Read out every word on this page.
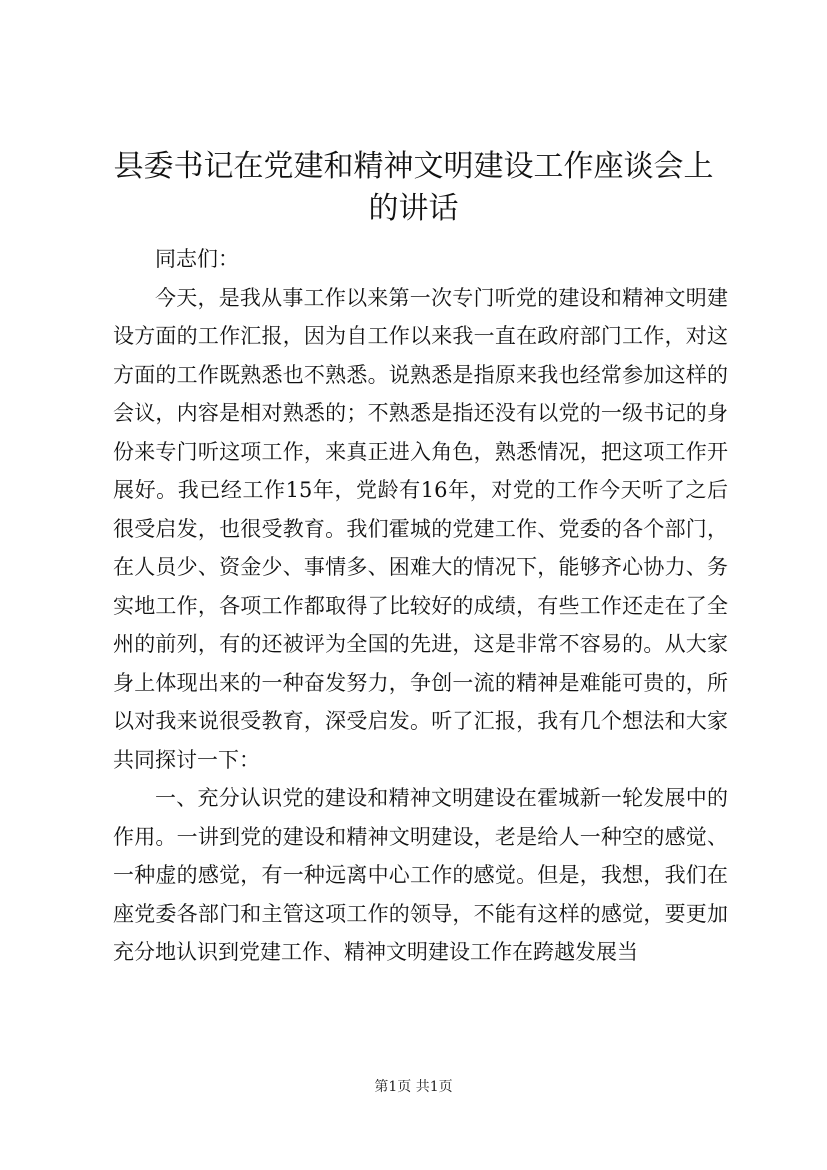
县委书记在党建和精神文明建设工作座谈会上的讲话

同志们：

今天，是我从事工作以来第一次专门听党的建设和精神文明建设方面的工作汇报，因为自工作以来我一直在政府部门工作，对这方面的工作既熟悉也不熟悉。说熟悉是指原来我也经常参加这样的会议，内容是相对熟悉的；不熟悉是指还没有以党的一级书记的身份来专门听这项工作，来真正进入角色，熟悉情况，把这项工作开展好。我已经工作15年，党龄有16年，对党的工作今天听了之后很受启发，也很受教育。我们霍城的党建工作、党委的各个部门，在人员少、资金少、事情多、困难大的情况下，能够齐心协力、务实地工作，各项工作都取得了比较好的成绩，有些工作还走在了全州的前列，有的还被评为全国的先进，这是非常不容易的。从大家身上体现出来的一种奋发努力，争创一流的精神是难能可贵的，所以对我来说很受教育，深受启发。听了汇报，我有几个想法和大家共同探讨一下：

一、充分认识党的建设和精神文明建设在霍城新一轮发展中的作用。一讲到党的建设和精神文明建设，老是给人一种空的感觉、一种虚的感觉，有一种远离中心工作的感觉。但是，我想，我们在座党委各部门和主管这项工作的领导，不能有这样的感觉，要更加充分地认识到党建工作、精神文明建设工作在跨越发展当

第1页 共1页
